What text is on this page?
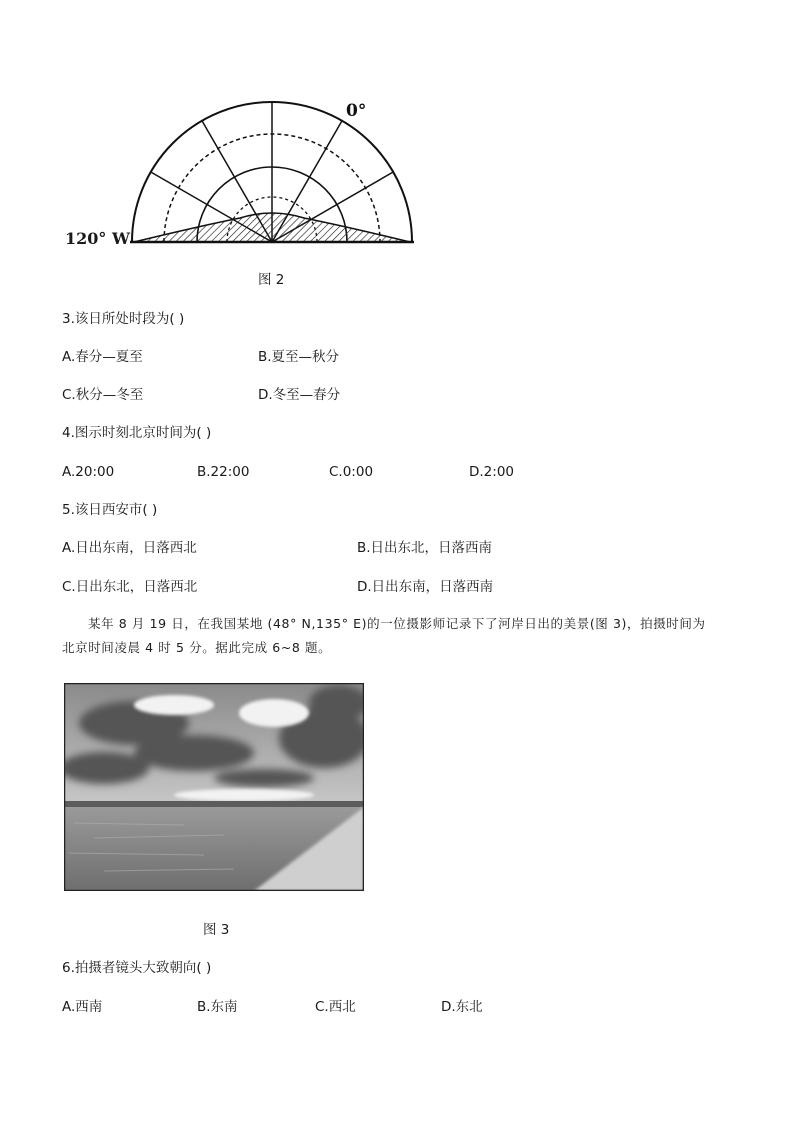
0°
120° W
图 2
3.该日所处时段为( )
A.春分—夏至	B.夏至—秋分
C.秋分—冬至	D.冬至—春分
4.图示时刻北京时间为( )
A.20:00	B.22:00	C.0:00	D.2:00
5.该日西安市( )
A.日出东南，日落西北	B.日出东北，日落西南
C.日出东北，日落西北	D.日出东南，日落西南
某年 8 月 19 日，在我国某地 (48° N,135° E)的一位摄影师记录下了河岸日出的美景(图 3)，拍摄时间为
北京时间凌晨 4 时 5 分。据此完成 6~8 题。
图 3
6.拍摄者镜头大致朝向( )
A.西南	B.东南	C.西北	D.东北
